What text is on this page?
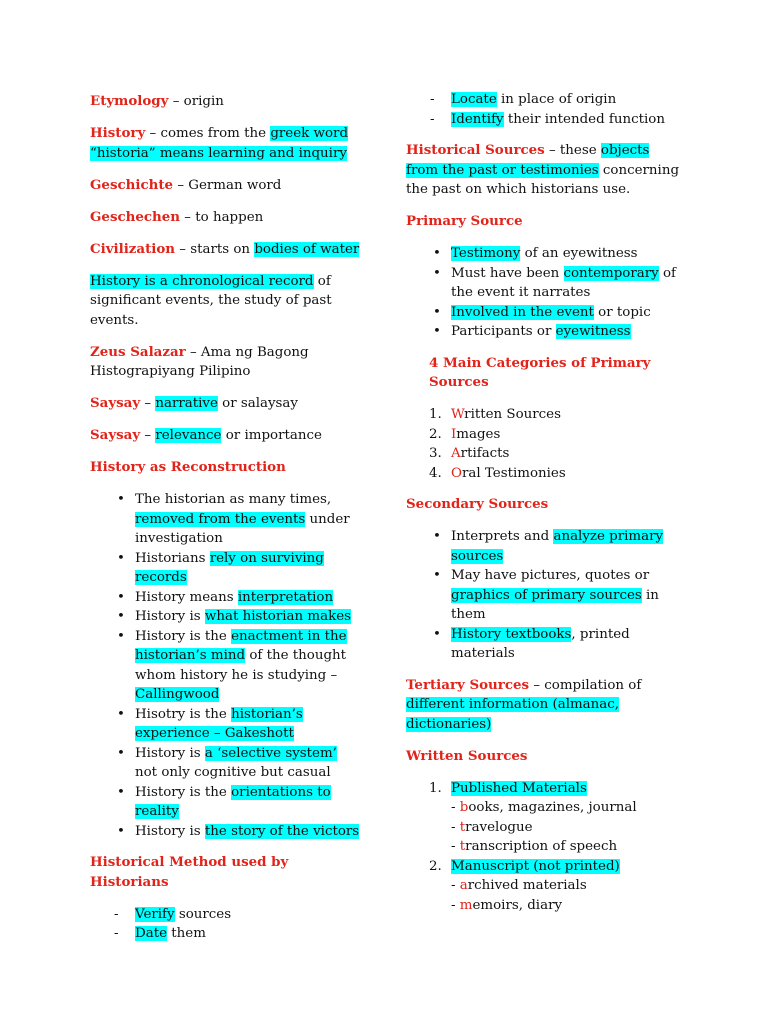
Etymology – origin

History – comes from the greek word
“historia” means learning and inquiry

Geschichte – German word

Geschechen – to happen

Civilization – starts on bodies of water

History is a chronological record of significant events, the study of past events.

Zeus Salazar – Ama ng Bagong Histograpiyang Pilipino

Saysay – narrative or salaysay

Saysay – relevance or importance

History as Reconstruction

• The historian as many times, removed from the events under investigation
• Historians rely on surviving records
• History means interpretation
• History is what historian makes
• History is the enactment in the historian’s mind of the thought whom history he is studying – Callingwood
• Hisotry is the historian’s experience – Gakeshott
• History is a ‘selective system’ not only cognitive but casual
• History is the orientations to reality
• History is the story of the victors

Historical Method used by Historians

- Verify sources
- Date them
- Locate in place of origin
- Identify their intended function

Historical Sources – these objects from the past or testimonies concerning the past on which historians use.

Primary Source

• Testimony of an eyewitness
• Must have been contemporary of the event it narrates
• Involved in the event or topic
• Participants or eyewitness

4 Main Categories of Primary Sources

1. Written Sources
2. Images
3. Artifacts
4. Oral Testimonies

Secondary Sources

• Interprets and analyze primary sources
• May have pictures, quotes or graphics of primary sources in them
• History textbooks, printed materials

Tertiary Sources – compilation of different information (almanac, dictionaries)

Written Sources

1. Published Materials
- books, magazines, journal
- travelogue
- transcription of speech
2. Manuscript (not printed)
- archived materials
- memoirs, diary
